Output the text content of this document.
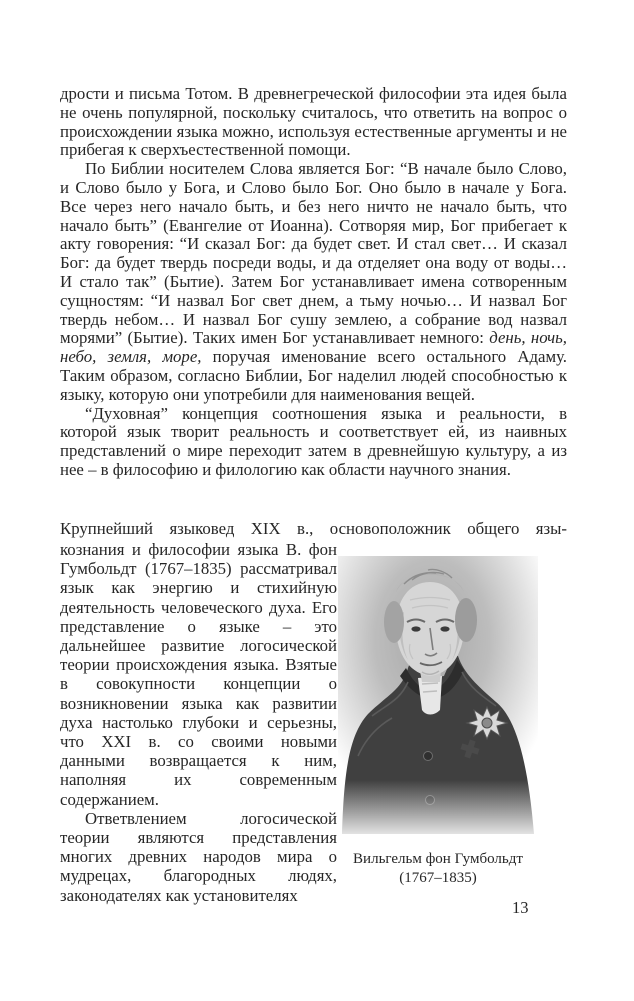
дрости и письма Тотом. В древнегреческой философии эта идея была не очень популярной, поскольку считалось, что ответить на вопрос о происхождении языка можно, используя естественные аргументы и не прибегая к сверхъестественной помощи.

По Библии носителем Слова является Бог: “В начале было Слово, и Слово было у Бога, и Слово было Бог. Оно было в начале у Бога. Все через него начало быть, и без него ничто не начало быть, что начало быть” (Евангелие от Иоанна). Сотворяя мир, Бог прибегает к акту говорения: “И сказал Бог: да будет свет. И стал свет… И сказал Бог: да будет твердь посреди воды, и да отделяет она воду от воды… И стало так” (Бытие). Затем Бог устанавливает имена сотворенным сущностям: “И назвал Бог свет днем, а тьму ночью… И назвал Бог твердь небом… И назвал Бог сушу землею, а собрание вод назвал морями” (Бытие). Таких имен Бог устанавливает немного: день, ночь, небо, земля, море, поручая именование всего остального Адаму. Таким образом, согласно Библии, Бог наделил людей способностью к языку, которую они употребили для наименования вещей.

“Духовная” концепция соотношения языка и реальности, в которой язык творит реальность и соответствует ей, из наивных представлений о мире переходит затем в древнейшую культуру, а из нее – в философию и филологию как области научного знания.

Крупнейший языковед XIX в., основоположник общего язы-

кознания и философии языка В. фон Гумбольдт (1767–1835) рассматривал язык как энергию и стихийную деятельность человеческого духа. Его представление о языке – это дальнейшее развитие логосической теории происхождения языка. Взятые в совокупности концепции о возникновении языка как развитии духа настолько глубоки и серьезны, что XXI в. со своими новыми данными возвращается к ним, наполняя их современным содержанием.

Ответвлением логосической теории являются представления многих древних народов мира о мудрецах, благородных людях, законодателях как установителях

Вильгельм фон Гумбольдт
(1767–1835)
13
